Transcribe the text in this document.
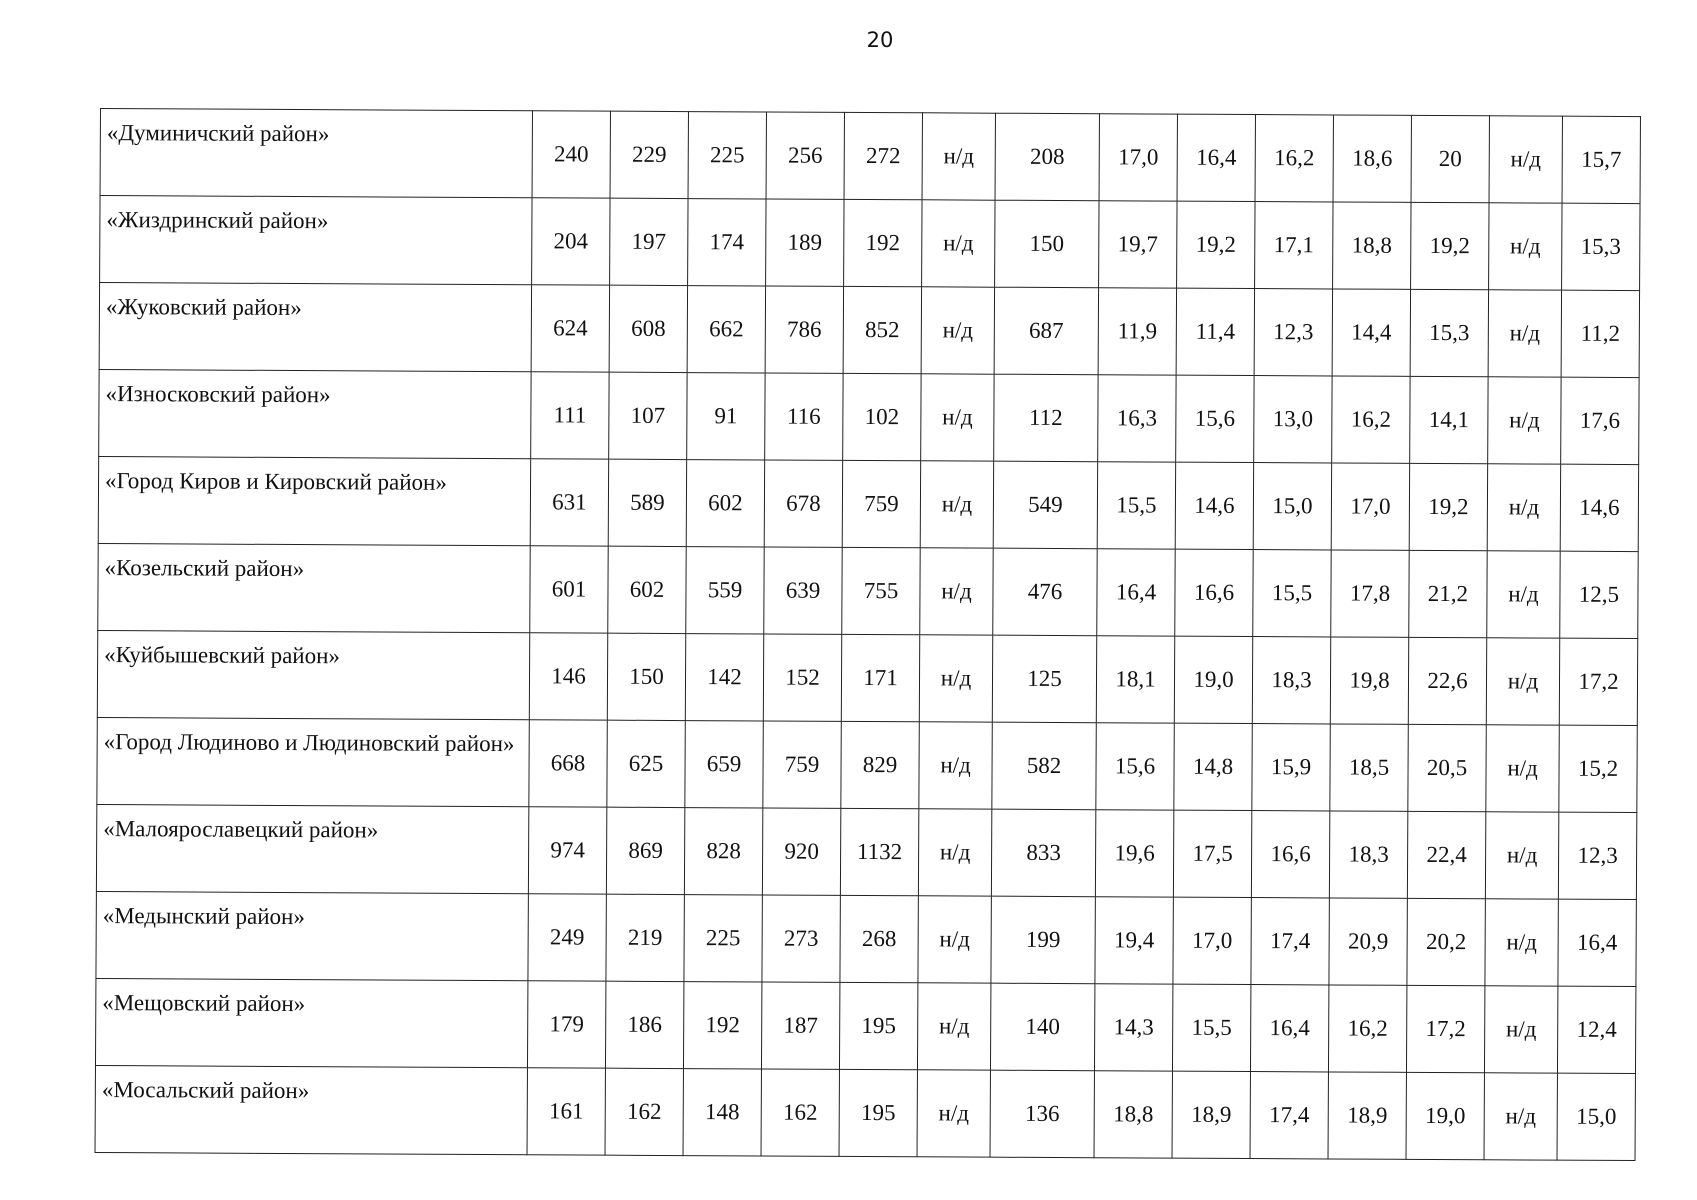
20
«Думиничский район»	240	229	225	256	272	н/д	208	17,0	16,4	16,2	18,6	20	н/д	15,7
«Жиздринский район»	204	197	174	189	192	н/д	150	19,7	19,2	17,1	18,8	19,2	н/д	15,3
«Жуковский район»	624	608	662	786	852	н/д	687	11,9	11,4	12,3	14,4	15,3	н/д	11,2
«Износковский район»	111	107	91	116	102	н/д	112	16,3	15,6	13,0	16,2	14,1	н/д	17,6
«Город Киров и Кировский район»	631	589	602	678	759	н/д	549	15,5	14,6	15,0	17,0	19,2	н/д	14,6
«Козельский район»	601	602	559	639	755	н/д	476	16,4	16,6	15,5	17,8	21,2	н/д	12,5
«Куйбышевский район»	146	150	142	152	171	н/д	125	18,1	19,0	18,3	19,8	22,6	н/д	17,2
«Город Людиново и Людиновский район»	668	625	659	759	829	н/д	582	15,6	14,8	15,9	18,5	20,5	н/д	15,2
«Малоярославецкий район»	974	869	828	920	1132	н/д	833	19,6	17,5	16,6	18,3	22,4	н/д	12,3
«Медынский район»	249	219	225	273	268	н/д	199	19,4	17,0	17,4	20,9	20,2	н/д	16,4
«Мещовский район»	179	186	192	187	195	н/д	140	14,3	15,5	16,4	16,2	17,2	н/д	12,4
«Мосальский район»	161	162	148	162	195	н/д	136	18,8	18,9	17,4	18,9	19,0	н/д	15,0
